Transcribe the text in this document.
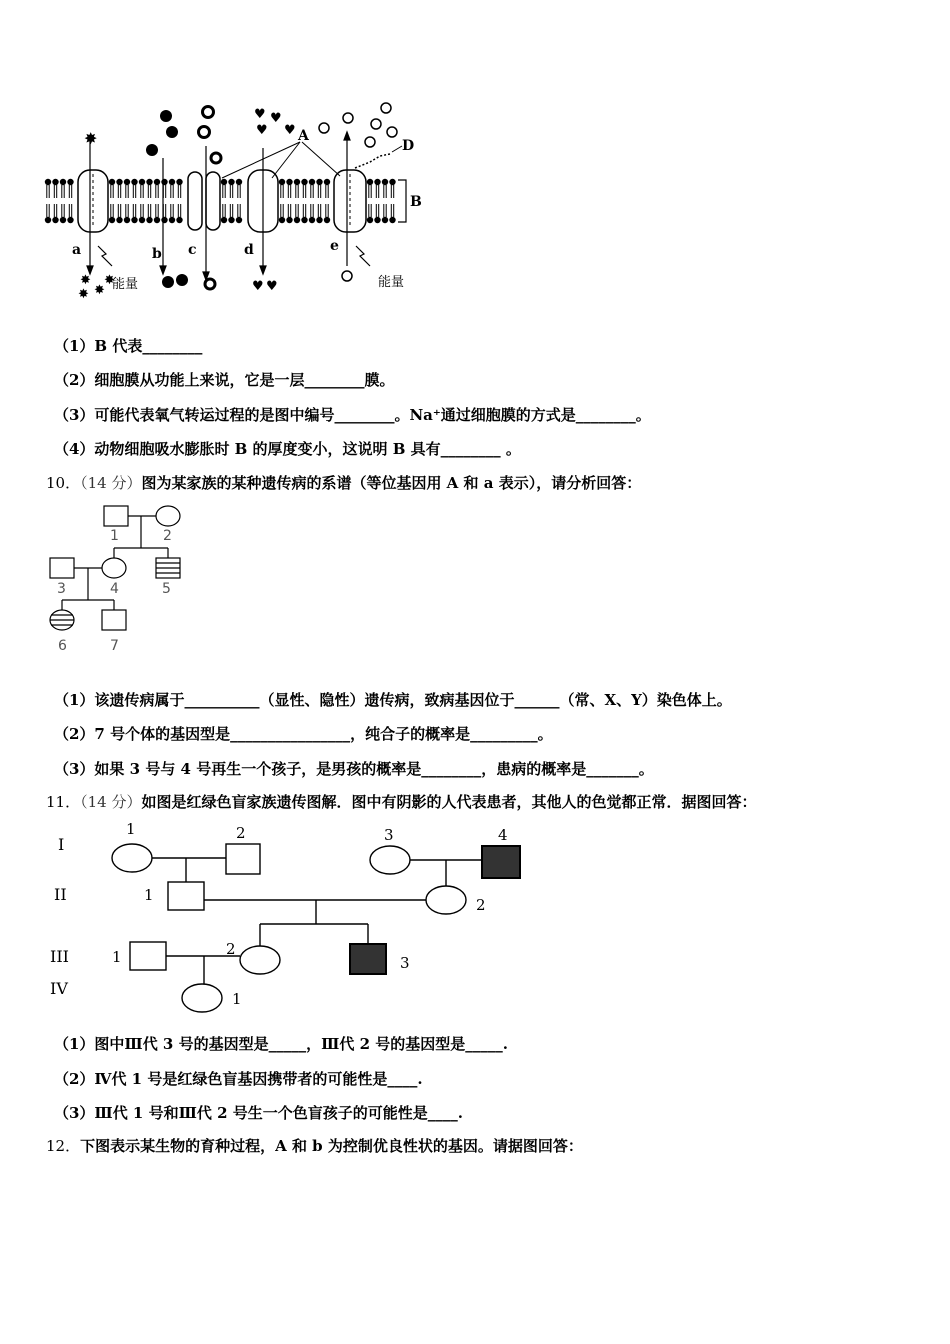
B
✸
♥
♥
♥
♥
D
A
a	b c	d	e
✸
✸
✸
✸
♥ ♥
能量	能量
（1）B 代表________
（2）细胞膜从功能上来说，它是一层________膜。
（3）可能代表氧气转运过程的是图中编号________。Na⁺通过细胞膜的方式是________。
（4）动物细胞吸水膨胀时 B 的厚度变小，这说明 B 具有________ 。
10．（14 分）图为某家族的某种遗传病的系谱（等位基因用 A 和 a 表示），请分析回答：
1	2
3	4	5
6	7
（1）该遗传病属于__________（显性、隐性）遗传病，致病基因位于______（常、X、Y）染色体上。
（2）7 号个体的基因型是________________，纯合子的概率是_________。
（3）如果 3 号与 4 号再生一个孩子，是男孩的概率是________，患病的概率是_______。
11．（14 分）如图是红绿色盲家族遗传图解．图中有阴影的人代表患者，其他人的色觉都正常．据图回答：
I
II
III
IV
1	2	3	4
1
2
1	2
3
1
（1）图中Ⅲ代 3 号的基因型是_____，Ⅲ代 2 号的基因型是_____.
（2）Ⅳ代 1 号是红绿色盲基因携带者的可能性是____.
（3）Ⅲ代 1 号和Ⅲ代 2 号生一个色盲孩子的可能性是____.
12．下图表示某生物的育种过程，A 和 b 为控制优良性状的基因。请据图回答：
